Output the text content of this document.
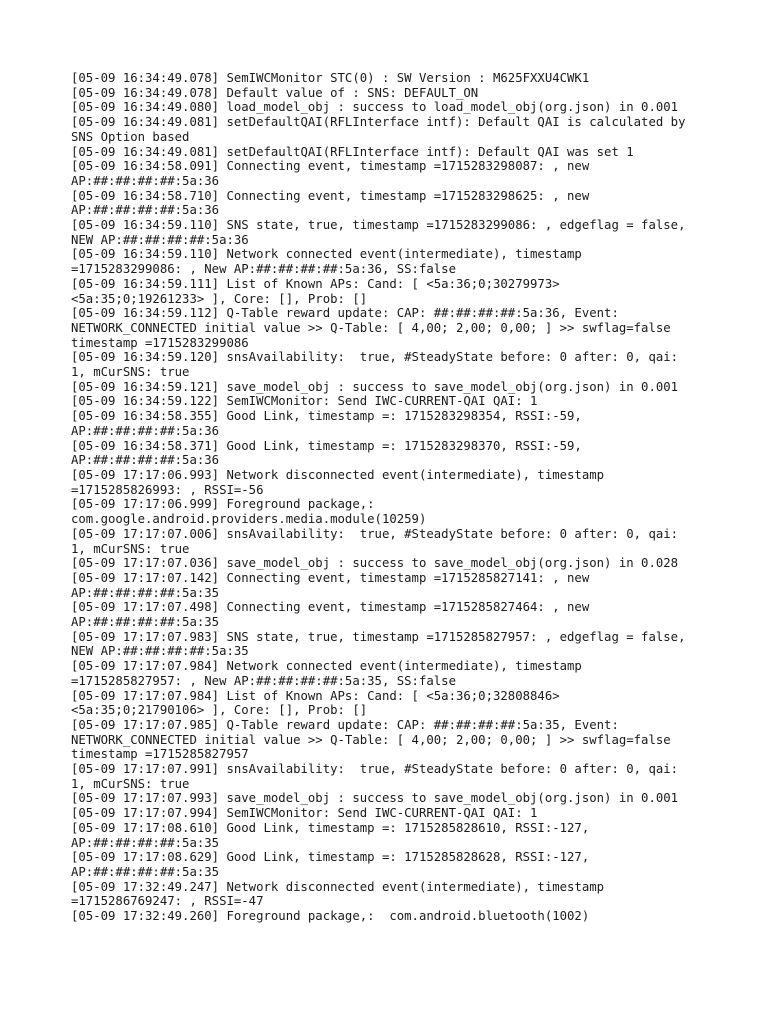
[05-09 16:34:49.078] SemIWCMonitor STC(0) : SW Version : M625FXXU4CWK1
[05-09 16:34:49.078] Default value of : SNS: DEFAULT_ON
[05-09 16:34:49.080] load_model_obj : success to load_model_obj(org.json) in 0.001
[05-09 16:34:49.081] setDefaultQAI(RFLInterface intf): Default QAI is calculated by
SNS Option based
[05-09 16:34:49.081] setDefaultQAI(RFLInterface intf): Default QAI was set 1
[05-09 16:34:58.091] Connecting event, timestamp =1715283298087: , new
AP:##:##:##:##:5a:36
[05-09 16:34:58.710] Connecting event, timestamp =1715283298625: , new
AP:##:##:##:##:5a:36
[05-09 16:34:59.110] SNS state, true, timestamp =1715283299086: , edgeflag = false,
NEW AP:##:##:##:##:5a:36
[05-09 16:34:59.110] Network connected event(intermediate), timestamp
=1715283299086: , New AP:##:##:##:##:5a:36, SS:false
[05-09 16:34:59.111] List of Known APs: Cand: [ <5a:36;0;30279973>
<5a:35;0;19261233> ], Core: [], Prob: []
[05-09 16:34:59.112] Q-Table reward update: CAP: ##:##:##:##:5a:36, Event:
NETWORK_CONNECTED initial value >> Q-Table: [ 4,00; 2,00; 0,00; ] >> swflag=false
timestamp =1715283299086
[05-09 16:34:59.120] snsAvailability:  true, #SteadyState before: 0 after: 0, qai:
1, mCurSNS: true
[05-09 16:34:59.121] save_model_obj : success to save_model_obj(org.json) in 0.001
[05-09 16:34:59.122] SemIWCMonitor: Send IWC-CURRENT-QAI QAI: 1
[05-09 16:34:58.355] Good Link, timestamp =: 1715283298354, RSSI:-59,
AP:##:##:##:##:5a:36
[05-09 16:34:58.371] Good Link, timestamp =: 1715283298370, RSSI:-59,
AP:##:##:##:##:5a:36
[05-09 17:17:06.993] Network disconnected event(intermediate), timestamp
=1715285826993: , RSSI=-56
[05-09 17:17:06.999] Foreground package,:
com.google.android.providers.media.module(10259)
[05-09 17:17:07.006] snsAvailability:  true, #SteadyState before: 0 after: 0, qai:
1, mCurSNS: true
[05-09 17:17:07.036] save_model_obj : success to save_model_obj(org.json) in 0.028
[05-09 17:17:07.142] Connecting event, timestamp =1715285827141: , new
AP:##:##:##:##:5a:35
[05-09 17:17:07.498] Connecting event, timestamp =1715285827464: , new
AP:##:##:##:##:5a:35
[05-09 17:17:07.983] SNS state, true, timestamp =1715285827957: , edgeflag = false,
NEW AP:##:##:##:##:5a:35
[05-09 17:17:07.984] Network connected event(intermediate), timestamp
=1715285827957: , New AP:##:##:##:##:5a:35, SS:false
[05-09 17:17:07.984] List of Known APs: Cand: [ <5a:36;0;32808846>
<5a:35;0;21790106> ], Core: [], Prob: []
[05-09 17:17:07.985] Q-Table reward update: CAP: ##:##:##:##:5a:35, Event:
NETWORK_CONNECTED initial value >> Q-Table: [ 4,00; 2,00; 0,00; ] >> swflag=false
timestamp =1715285827957
[05-09 17:17:07.991] snsAvailability:  true, #SteadyState before: 0 after: 0, qai:
1, mCurSNS: true
[05-09 17:17:07.993] save_model_obj : success to save_model_obj(org.json) in 0.001
[05-09 17:17:07.994] SemIWCMonitor: Send IWC-CURRENT-QAI QAI: 1
[05-09 17:17:08.610] Good Link, timestamp =: 1715285828610, RSSI:-127,
AP:##:##:##:##:5a:35
[05-09 17:17:08.629] Good Link, timestamp =: 1715285828628, RSSI:-127,
AP:##:##:##:##:5a:35
[05-09 17:32:49.247] Network disconnected event(intermediate), timestamp
=1715286769247: , RSSI=-47
[05-09 17:32:49.260] Foreground package,:  com.android.bluetooth(1002)
